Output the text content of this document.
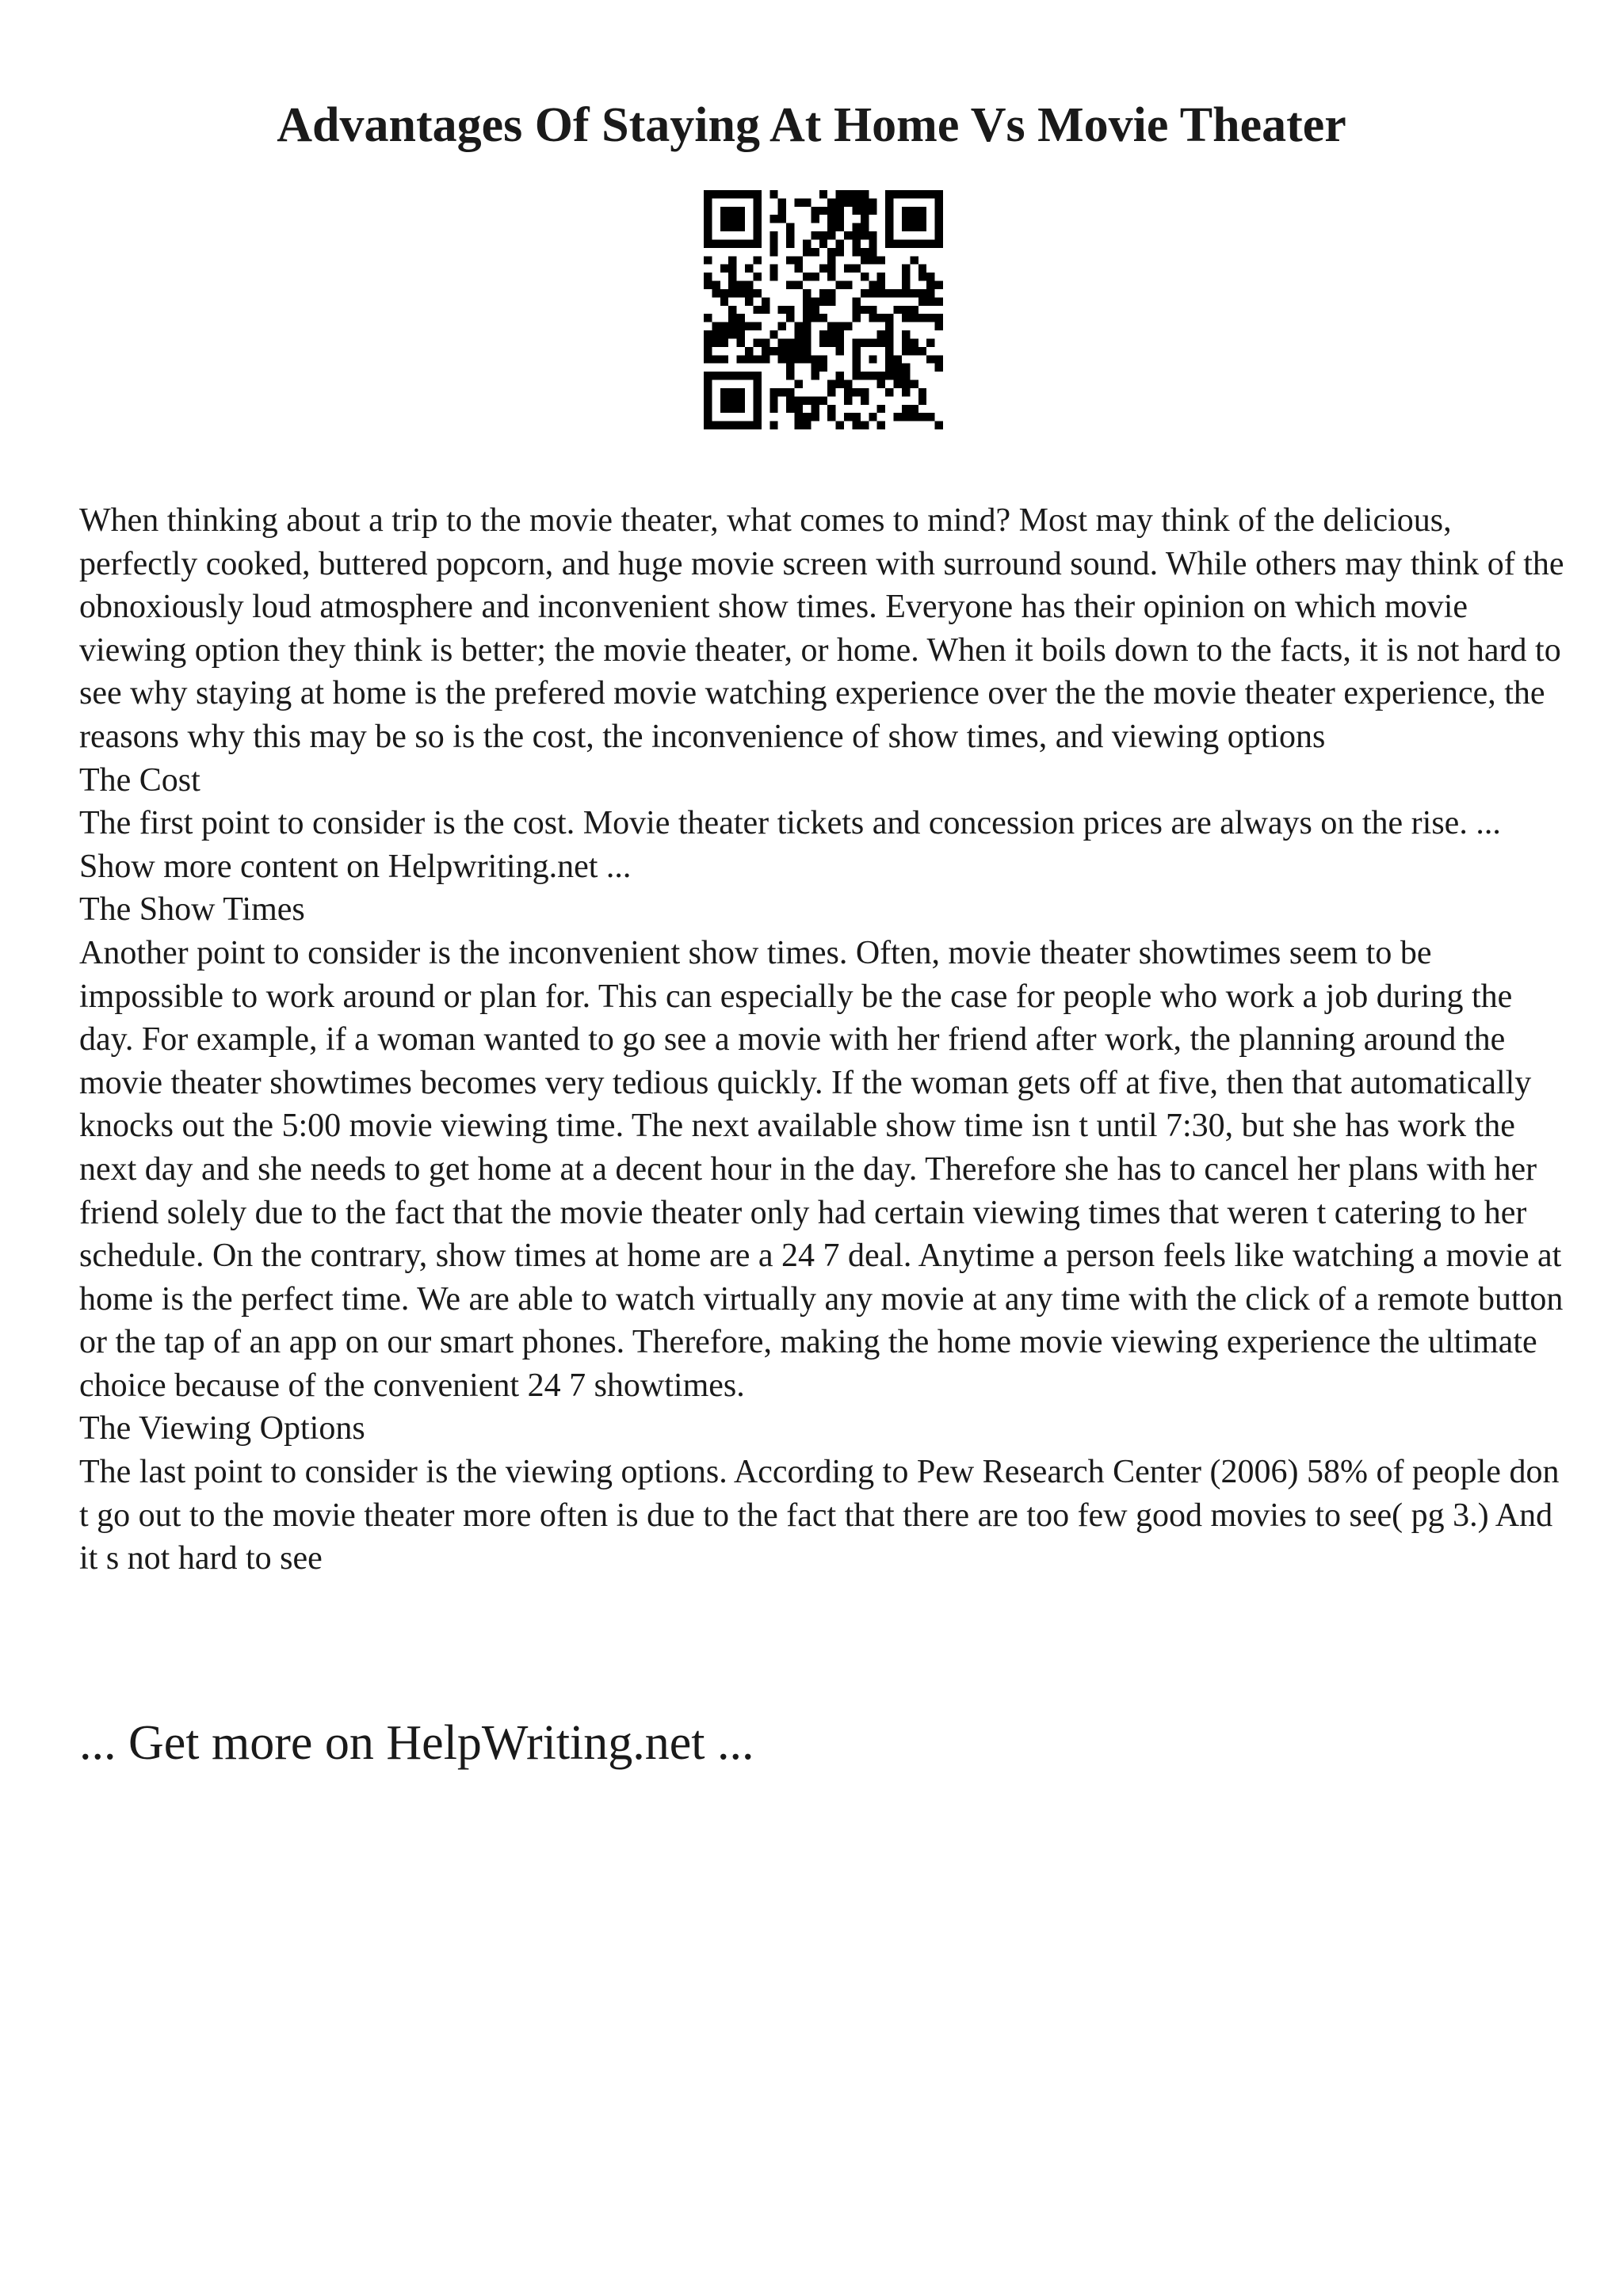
Advantages Of Staying At Home Vs Movie Theater

When thinking about a trip to the movie theater, what comes to mind? Most may think of the delicious, perfectly cooked, buttered popcorn, and huge movie screen with surround sound. While others may think of the obnoxiously loud atmosphere and inconvenient show times. Everyone has their opinion on which movie viewing option they think is better; the movie theater, or home. When it boils down to the facts, it is not hard to see why staying at home is the prefered movie watching experience over the the movie theater experience, the reasons why this may be so is the cost, the inconvenience of show times, and viewing options

The Cost

The first point to consider is the cost. Movie theater tickets and concession prices are always on the rise. ... Show more content on Helpwriting.net ...

The Show Times

Another point to consider is the inconvenient show times. Often, movie theater showtimes seem to be impossible to work around or plan for. This can especially be the case for people who work a job during the day. For example, if a woman wanted to go see a movie with her friend after work, the planning around the movie theater showtimes becomes very tedious quickly. If the woman gets off at five, then that automatically knocks out the 5:00 movie viewing time. The next available show time isn t until 7:30, but she has work the next day and she needs to get home at a decent hour in the day. Therefore she has to cancel her plans with her friend solely due to the fact that the movie theater only had certain viewing times that weren t catering to her schedule. On the contrary, show times at home are a 24 7 deal. Anytime a person feels like watching a movie at home is the perfect time. We are able to watch virtually any movie at any time with the click of a remote button or the tap of an app on our smart phones. Therefore, making the home movie viewing experience the ultimate choice because of the convenient 24 7 showtimes.

The Viewing Options

The last point to consider is the viewing options. According to Pew Research Center (2006) 58% of people don t go out to the movie theater more often is due to the fact that there are too few good movies to see( pg 3.) And it s not hard to see

... Get more on HelpWriting.net ...
